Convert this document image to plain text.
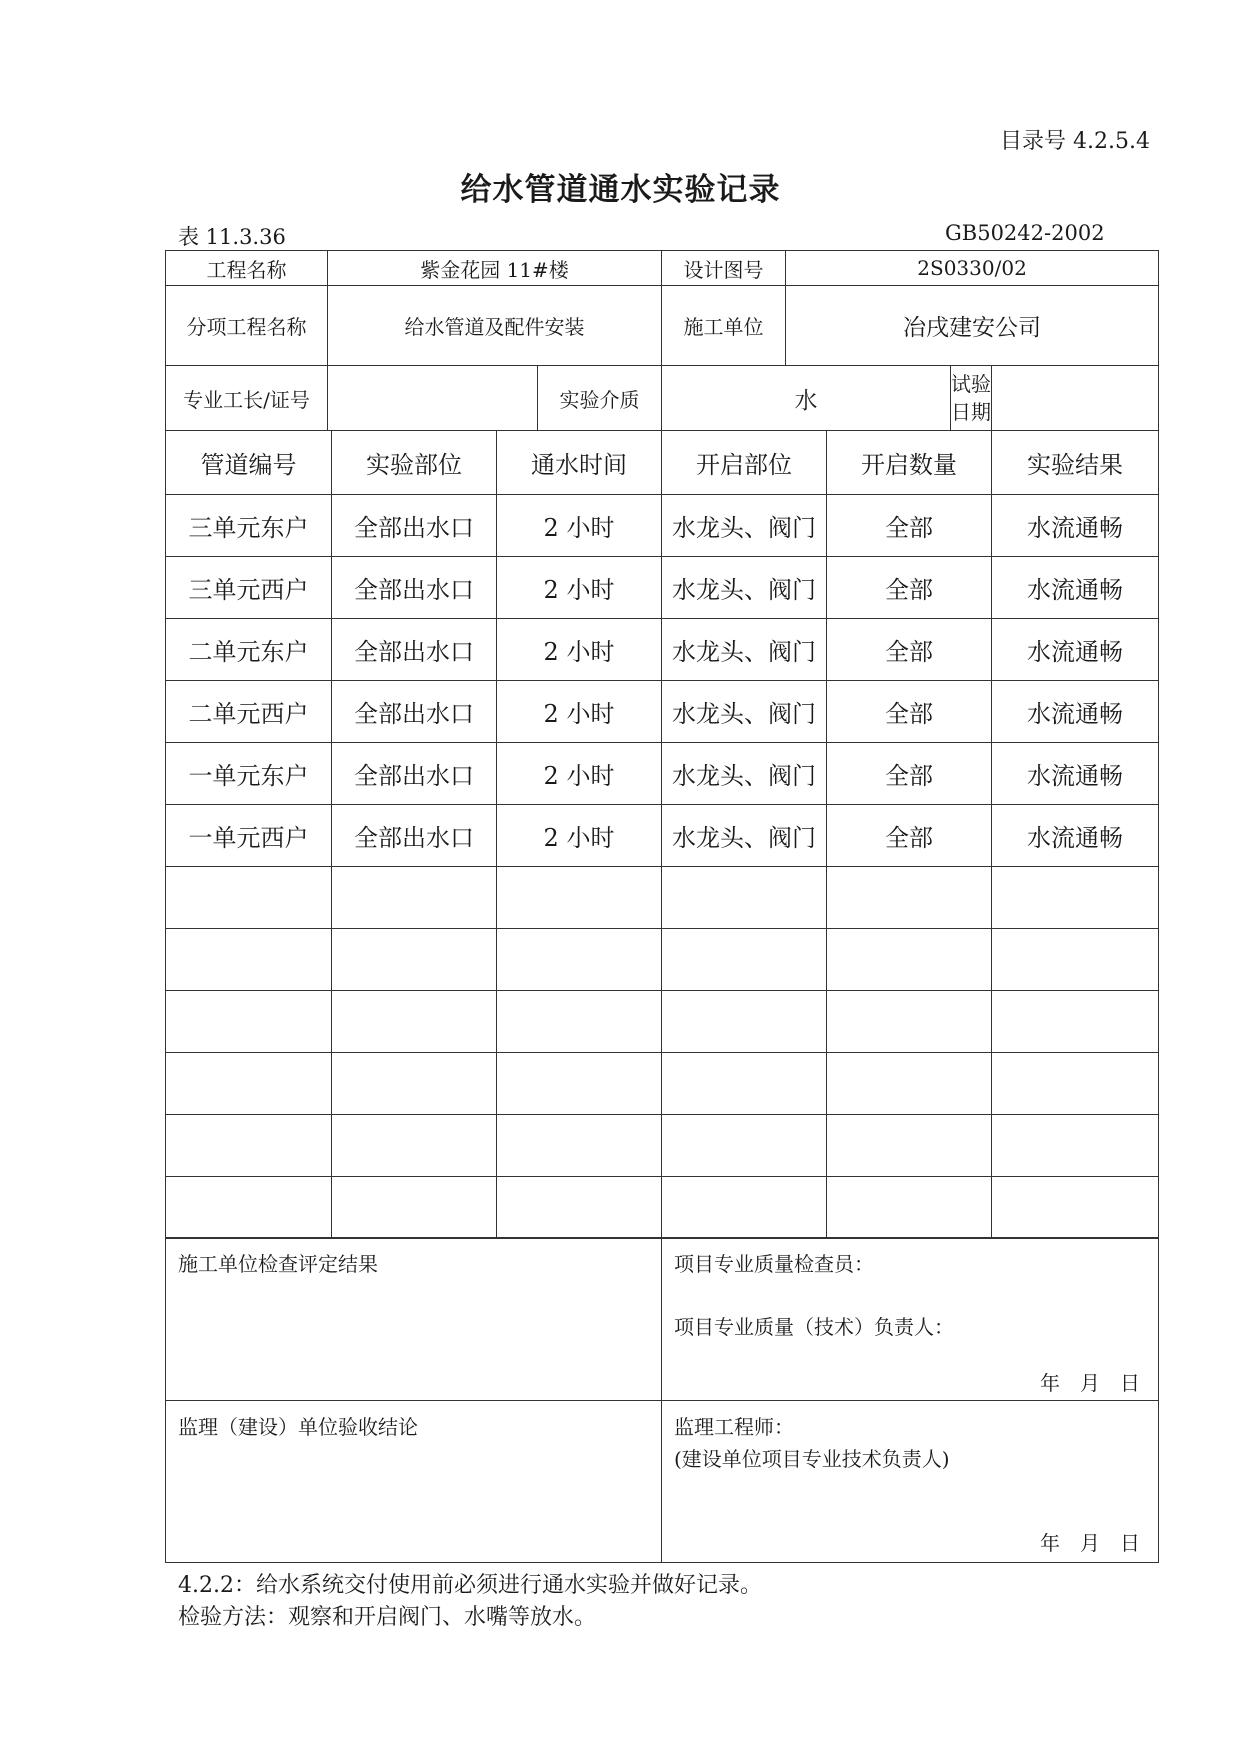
目录号 4.2.5.4
给水管道通水实验记录
表 11.3.36	GB50242-2002
工程名称	紫金花园 11#楼				设计图号	2S0330/02			
分项工程名称	给水管道及配件安装				施工单位	冶戌建安公司			
专业工长/证号				实验介质	水			试验
日期	

管道编号		实验部位	通水时间		开启部位		开启数量		实验结果
三单元东户		全部出水口	2 小时		水龙头、阀门		全部		水流通畅
三单元西户		全部出水口	2 小时		水龙头、阀门		全部		水流通畅
二单元东户		全部出水口	2 小时		水龙头、阀门		全部		水流通畅
二单元西户		全部出水口	2 小时		水龙头、阀门		全部		水流通畅
一单元东户		全部出水口	2 小时		水龙头、阀门		全部		水流通畅
一单元西户		全部出水口	2 小时		水龙头、阀门		全部		水流通畅

施工单位检查评定结果	项目专业质量检查员：
项目专业质量（技术）负责人：
年　月　日

监理（建设）单位验收结论	监理工程师：
(建设单位项目专业技术负责人)
年　月　日
4.2.2：给水系统交付使用前必须进行通水实验并做好记录。
检验方法：观察和开启阀门、水嘴等放水。
